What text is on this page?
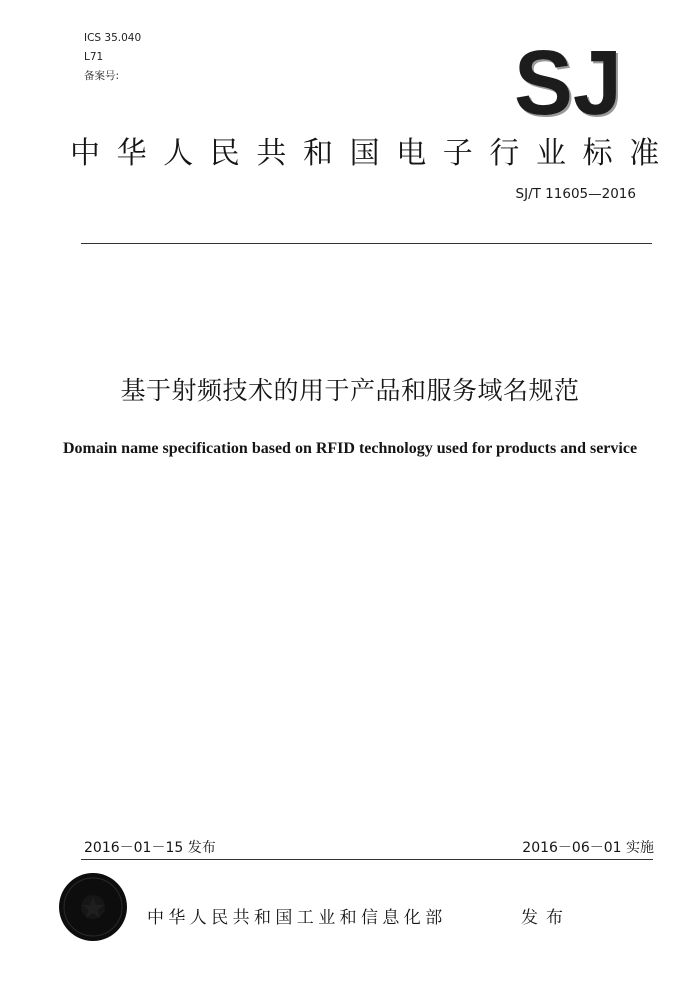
ICS 35.040
L71
备案号:	SJ
中华人民共和国电子行业标准
SJ/T 11605—2016
基于射频技术的用于产品和服务域名规范
Domain name specification based on RFID technology used for products and service
2016－01－15 发布	2016－06－01 实施
中华人民共和国工业和信息化部	发布
